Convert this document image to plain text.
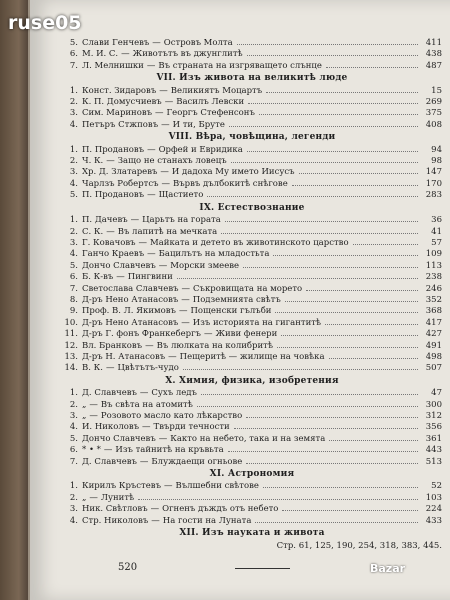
5. Слави Генчевъ — Островъ Молта	411
6. М. И. С. — Животътъ въ джунглитѣ	438
7. Л. Мелнишки — Въ страната на изгряващето слънце	487
VII. Изъ живота на великитѣ люде
1. Конст. Зидаровъ — Великиятъ Моцартъ	15
2. К. П. Домусчиевъ — Василъ Левски	269
3. Сим. Мариновъ — Георгъ Стефенсонъ	375
4. Петъръ Стжповъ — И ти, Бруте	408
VIII. Вѣра, човѣщина, легенди
1. П. Продановъ — Орфей и Евридика	94
2. Ч. К. — Защо не станахъ ловецъ	98
3. Хр. Д. Златаревъ — И дадоха Му името Иисусъ	147
4. Чарлзъ Робертсъ — Вървъ дълбокитѣ снѣгове	170
5. П. Продановъ — Щастието	283
IX. Естествознание
1. П. Дачевъ — Царьтъ на гората	36
2. С. К. — Въ лапитѣ на мечката	41
3. Г. Ковачовъ — Майката и детето въ животинското царство	57
4. Ганчо Краевъ — Бацилътъ на младостьта	109
5. Дончо Славчевъ — Морски змееве	113
6. Б. К-въ — Пингвини	238
7. Светослава Славчевъ — Съкровищата на морето	246
8. Д-ръ Нено Атанасовъ — Подземнията свѣтъ	352
9. Проф. В. Л. Якимовъ — Пощенски гълъби	368
10. Д-ръ Нено Атанасовъ — Изъ историята на гигантитѣ	417
11. Д-ръ Г. фонъ Франкебергъ — Живи фенери	427
12. Вл. Бранковъ — Въ люлката на колибритѣ	491
13. Д-ръ Н. Атанасовъ — Пещеритѣ — жилище на човѣка	498
14. В. К. — Цвѣтътъ-чудо	507
X. Химия, физика, изобретения
1. Д. Славчевъ — Сухъ ледъ	47
2. „ — Въ свѣта на атомитѣ	300
3. „ — Розовото масло като лѣкарство	312
4. И. Николовъ — Твърди течности	356
5. Дончо Славчевъ — Както на небето, така и на земята	361
6. * • * — Изъ тайнитѣ на кръвьта	443
7. Д. Славчевъ — Блуждаещи огньове	513
XI. Астрономия
1. Кирилъ Кръстевъ — Вълшебни свѣтове	52
2. „ — Лунитѣ	103
3. Ник. Свѣтловъ — Огненъ дъждъ отъ небето	224
4. Стр. Николовъ — На гости на Луната	433
XII. Изъ науката и живота
Стр. 61, 125, 190, 254, 318, 383, 445.
520
ruse05
Bazar
